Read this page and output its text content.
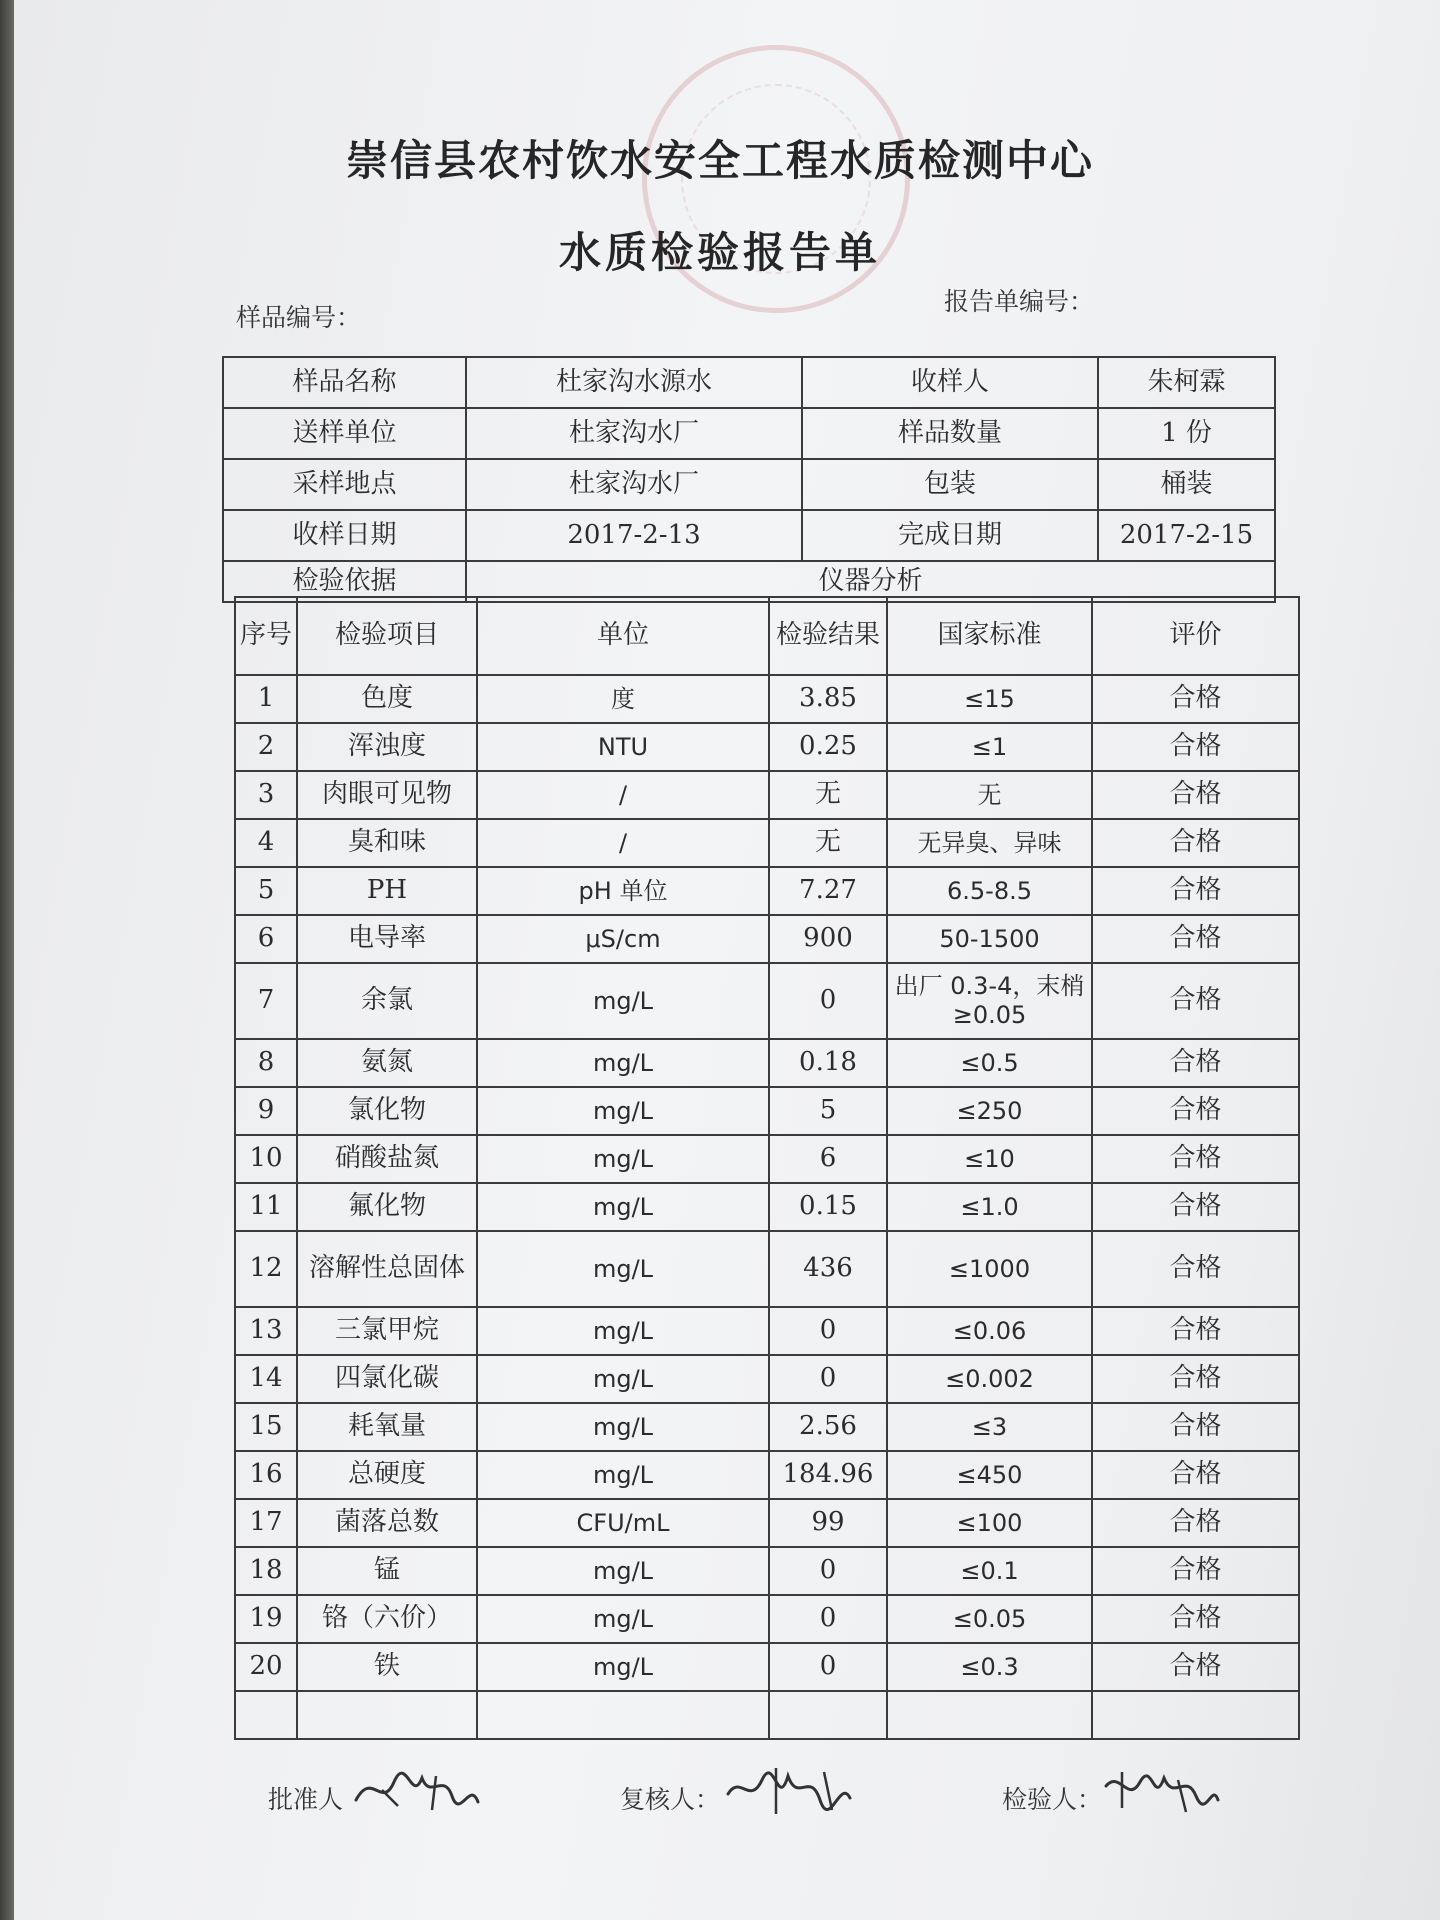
崇信县农村饮水安全工程水质检测中心
水质检验报告单
样品编号：
报告单编号：
样品名称	杜家沟水源水	收样人	朱柯霖
送样单位	杜家沟水厂	样品数量	1 份
采样地点	杜家沟水厂	包装	桶装
收样日期	2017-2-13	完成日期	2017-2-15
检验依据	仪器分析		
序号	检验项目	单位	检验结果	国家标准	评价
1	色度	度	3.85	≤15	合格
2	浑浊度	NTU	0.25	≤1	合格
3	肉眼可见物	/	无	无	合格
4	臭和味	/	无	无异臭、异味	合格
5	PH	pH 单位	7.27	6.5-8.5	合格
6	电导率	μS/cm	900	50-1500	合格
7	余氯	mg/L	0	出厂 0.3-4，末梢≥0.05	合格
8	氨氮	mg/L	0.18	≤0.5	合格
9	氯化物	mg/L	5	≤250	合格
10	硝酸盐氮	mg/L	6	≤10	合格
11	氟化物	mg/L	0.15	≤1.0	合格
12	溶解性总固体	mg/L	436	≤1000	合格
13	三氯甲烷	mg/L	0	≤0.06	合格
14	四氯化碳	mg/L	0	≤0.002	合格
15	耗氧量	mg/L	2.56	≤3	合格
16	总硬度	mg/L	184.96	≤450	合格
17	菌落总数	CFU/mL	99	≤100	合格
18	锰	mg/L	0	≤0.1	合格
19	铬（六价）	mg/L	0	≤0.05	合格
20	铁	mg/L	0	≤0.3	合格

批准人	复核人：	检验人：
